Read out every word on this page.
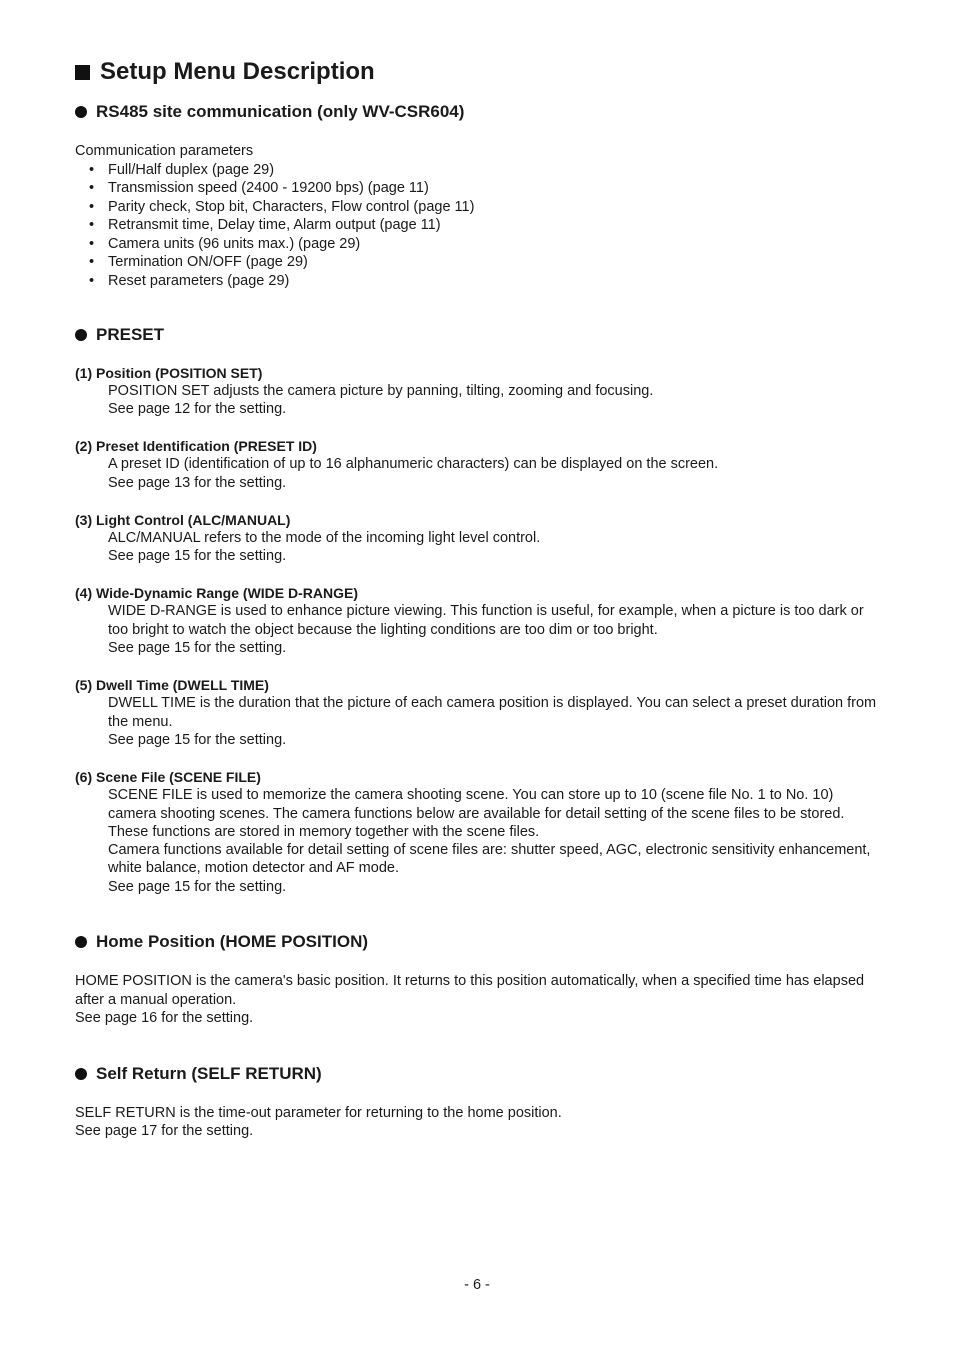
Setup Menu Description
RS485 site communication (only WV-CSR604)
Communication parameters
• Full/Half duplex (page 29)
• Transmission speed (2400 - 19200 bps) (page 11)
• Parity check, Stop bit, Characters, Flow control (page 11)
• Retransmit time, Delay time, Alarm output (page 11)
• Camera units (96 units max.) (page 29)
• Termination ON/OFF (page 29)
• Reset parameters (page 29)
PRESET
(1) Position (POSITION SET)

POSITION SET adjusts the camera picture by panning, tilting, zooming and focusing.

See page 12 for the setting.

(2) Preset Identification (PRESET ID)

A preset ID (identification of up to 16 alphanumeric characters) can be displayed on the screen.

See page 13 for the setting.

(3) Light Control (ALC/MANUAL)

ALC/MANUAL refers to the mode of the incoming light level control.

See page 15 for the setting.

(4) Wide-Dynamic Range (WIDE D-RANGE)

WIDE D-RANGE is used to enhance picture viewing. This function is useful, for example, when a picture is too dark or too bright to watch the object because the lighting conditions are too dim or too bright.

See page 15 for the setting.

(5) Dwell Time (DWELL TIME)

DWELL TIME is the duration that the picture of each camera position is displayed. You can select a preset duration from the menu.

See page 15 for the setting.

(6) Scene File (SCENE FILE)

SCENE FILE is used to memorize the camera shooting scene. You can store up to 10 (scene file No. 1 to No. 10) camera shooting scenes. The camera functions below are available for detail setting of the scene files to be stored. These functions are stored in memory together with the scene files.

Camera functions available for detail setting of scene files are: shutter speed, AGC, electronic sensitivity enhancement, white balance, motion detector and AF mode.

See page 15 for the setting.

Home Position (HOME POSITION)

HOME POSITION is the camera's basic position. It returns to this position automatically, when a specified time has elapsed after a manual operation.

See page 16 for the setting.

Self Return (SELF RETURN)

SELF RETURN is the time-out parameter for returning to the home position.

See page 17 for the setting.

- 6 -
